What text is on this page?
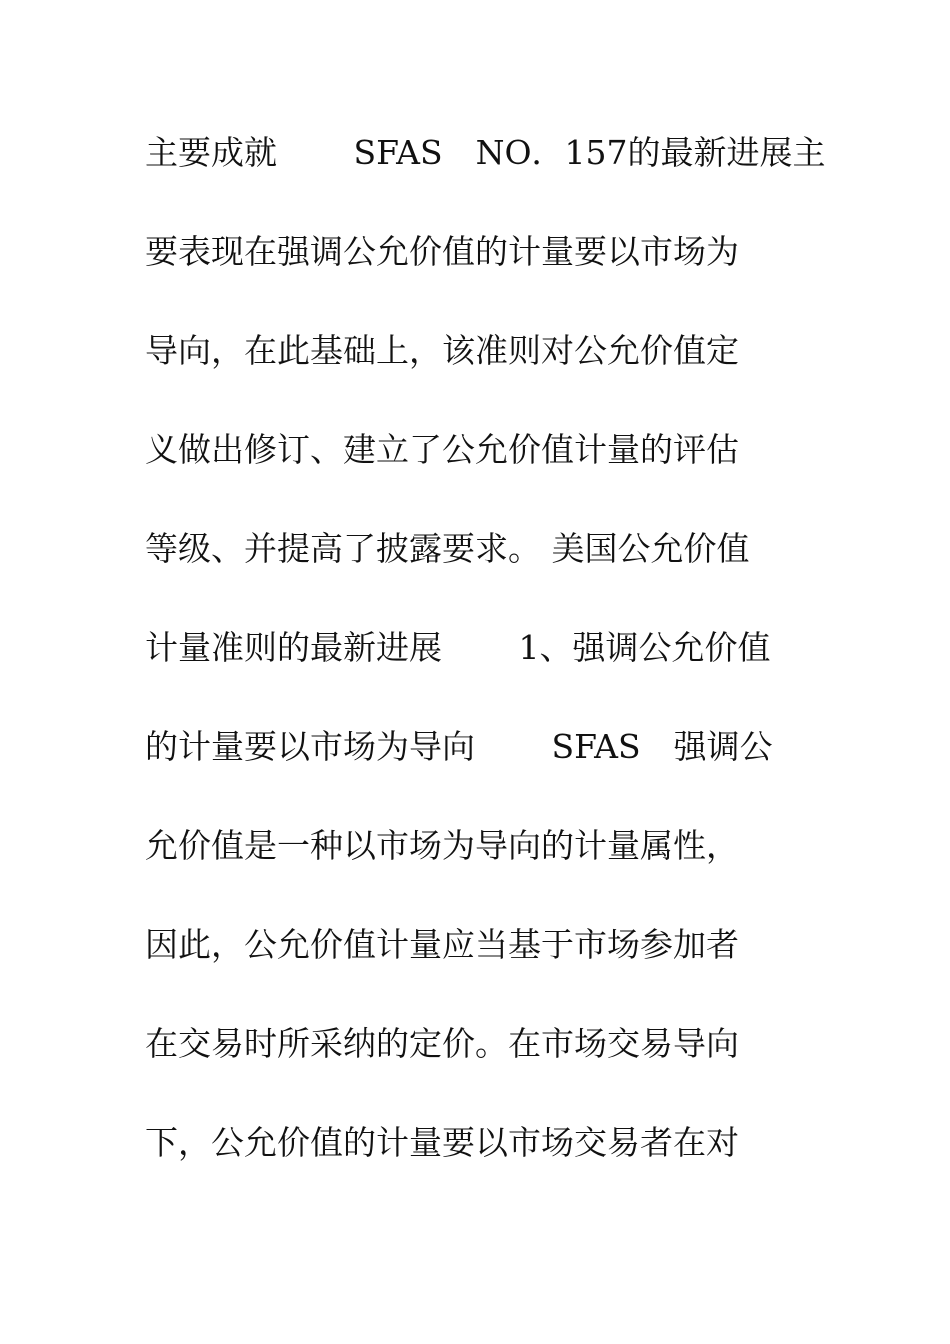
主要成就　　 SFAS　NO．157的最新进展主
要表现在强调公允价值的计量要以市场为
导向，在此基础上，该准则对公允价值定
义做出修订、建立了公允价值计量的评估
等级、并提高了披露要求。 美国公允价值
计量准则的最新进展　　 1、强调公允价值
的计量要以市场为导向　　 SFAS　强调公
允价值是一种以市场为导向的计量属性，
因此，公允价值计量应当基于市场参加者
在交易时所采纳的定价。在市场交易导向
下，公允价值的计量要以市场交易者在对
